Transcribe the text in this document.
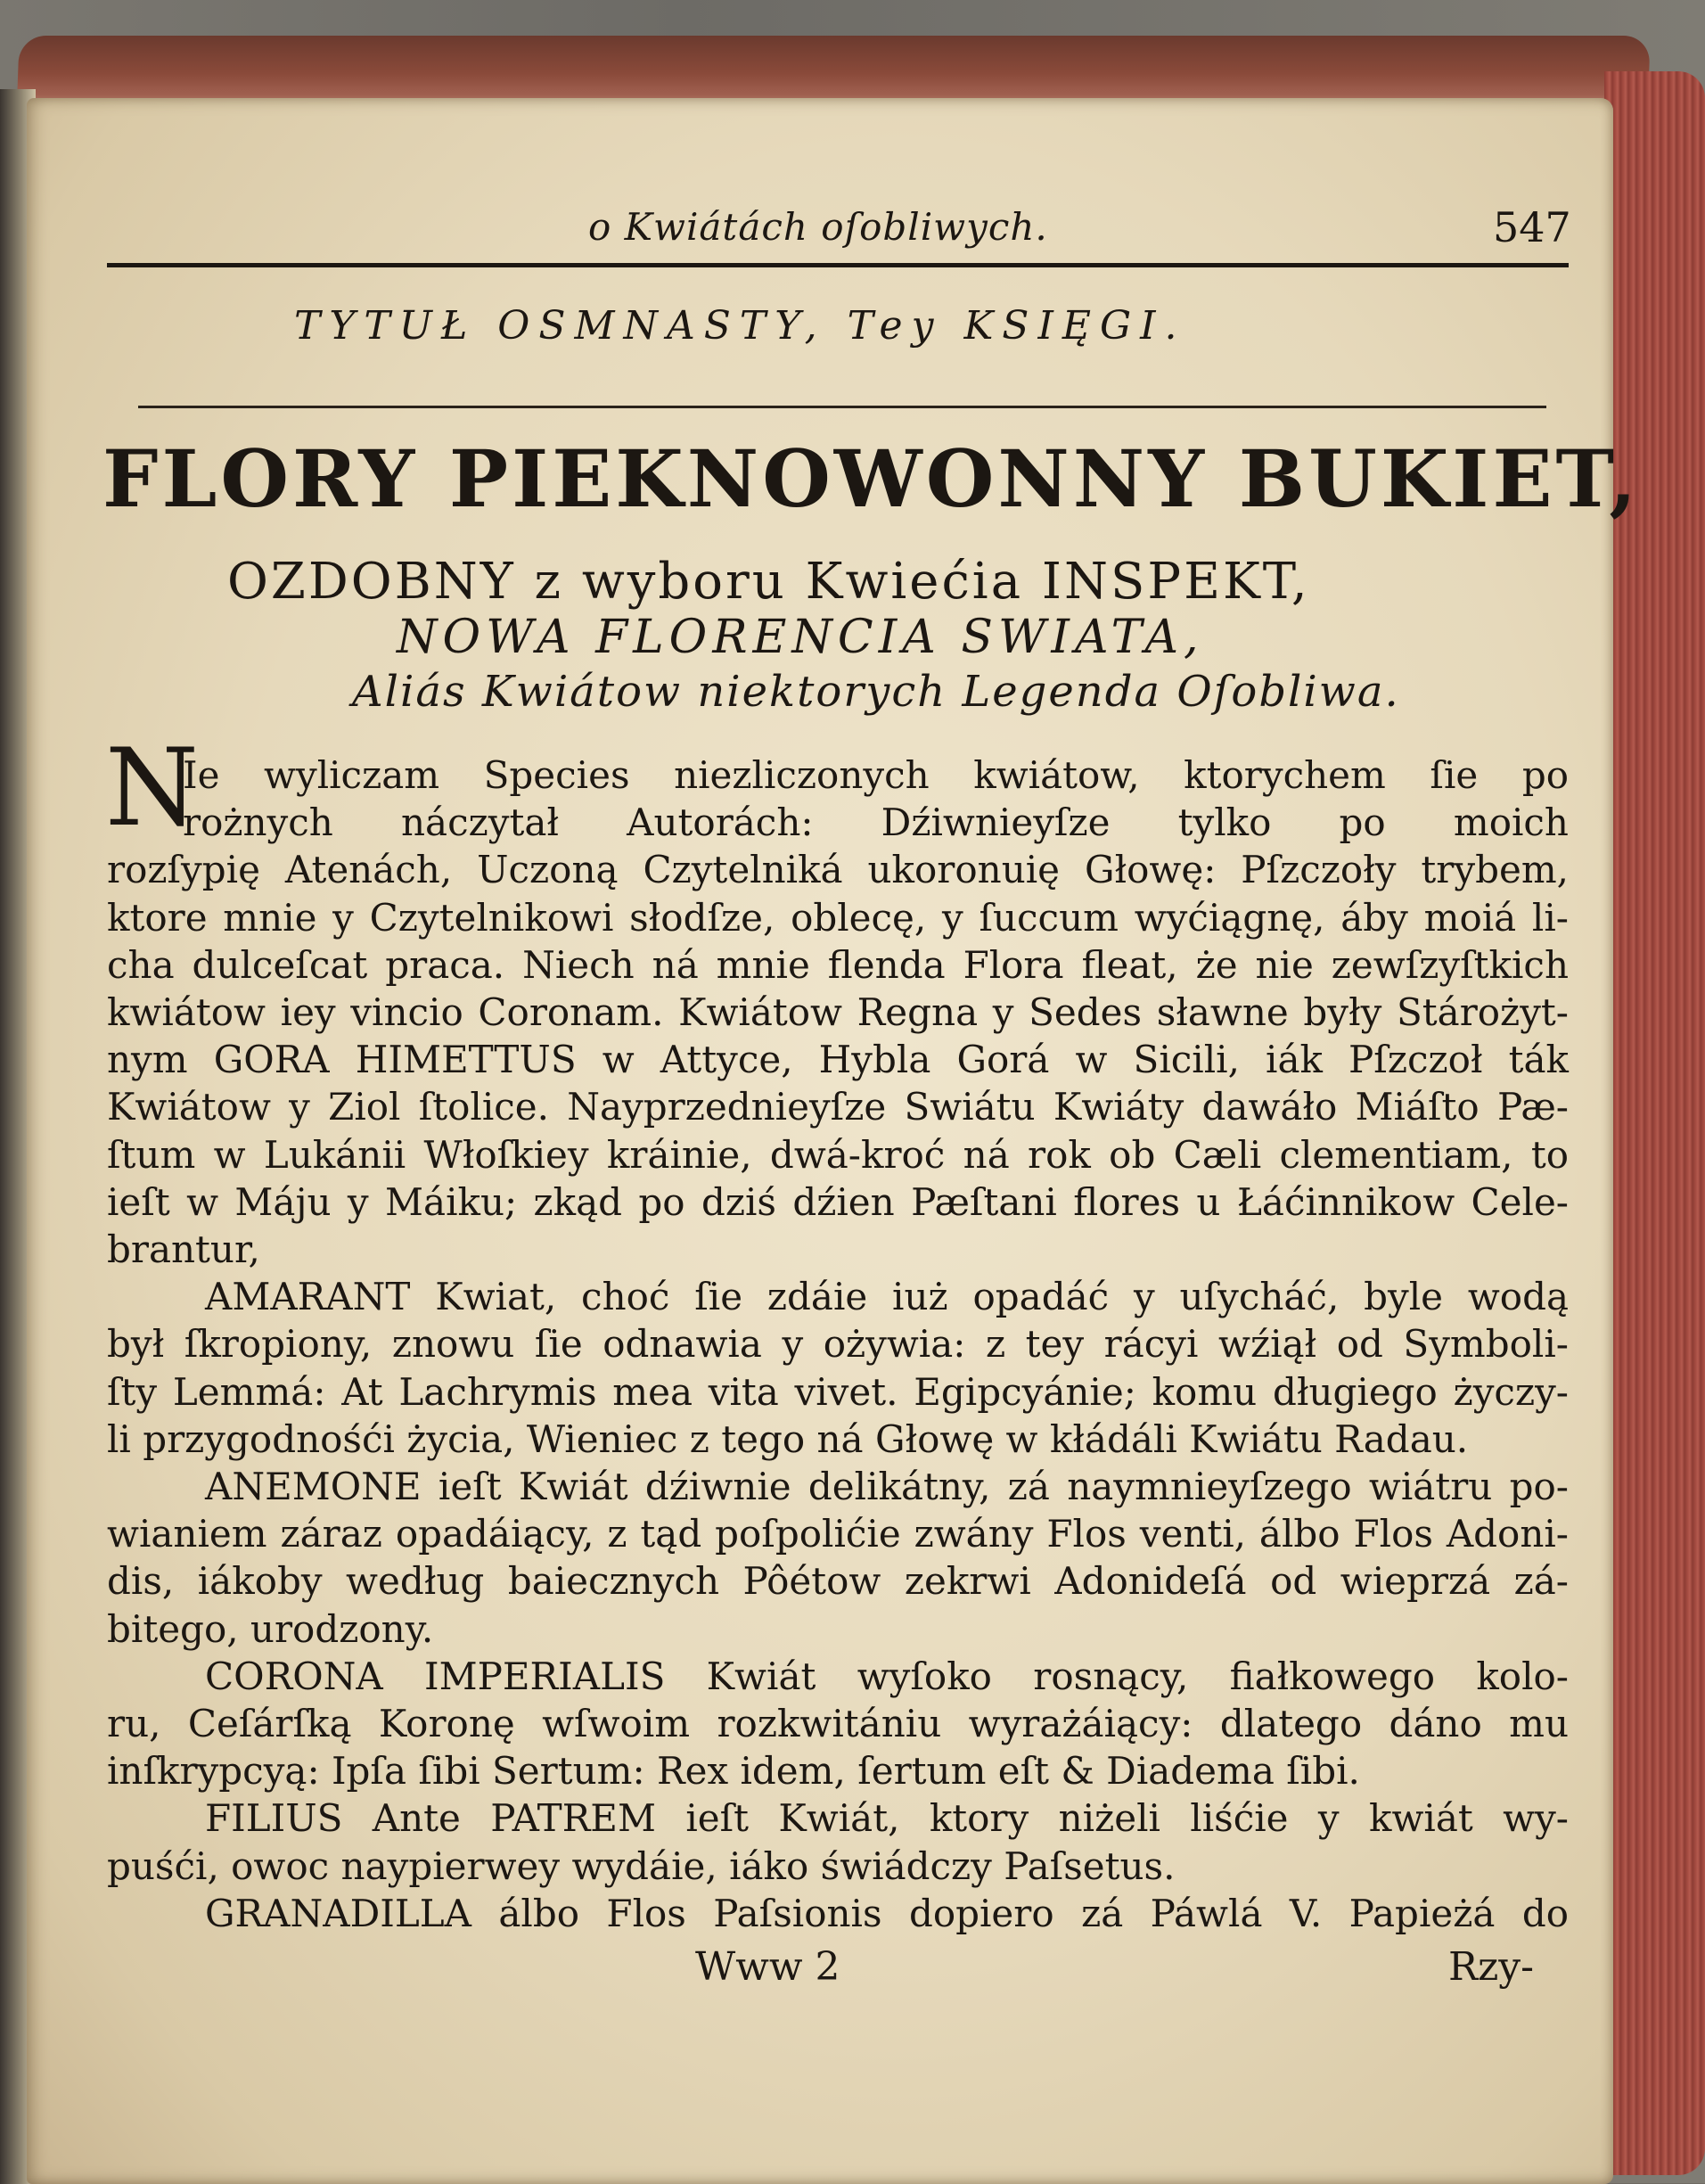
o Kwiátách oſobliwych.	547
TYTUŁ OSMNASTY, Tey KSIĘGI.
FLORY PIEKNOWONNY BUKIET,
OZDOBNY z wyboru Kwiećia INSPEKT,
NOWA FLORENCIA SWIATA,
Aliás Kwiátow niektorych Legenda Oſobliwa.
N
Ie wyliczam Species niezliczonych kwiátow, ktorychem ſie po
rożnych náczytał Autorách: Dźiwnieyſze tylko po moich
rozſypię Atenách, Uczoną Czytelniká ukoronuię Głowę: Pſzczoły trybem,
ktore mnie y Czytelnikowi słodſze, oblecę, y ſuccum wyćiągnę, áby moiá li-
cha dulceſcat praca. Niech ná mnie flenda Flora fleat, że nie zewſzyſtkich
kwiátow iey vincio Coronam. Kwiátow Regna y Sedes sławne były Stárożyt-
nym GORA HIMETTUS w Attyce, Hybla Gorá w Sicili, iák Pſzczoł ták
Kwiátow y Ziol ſtolice. Nayprzednieyſze Swiátu Kwiáty dawáło Miáſto Pæ-
ſtum w Lukánii Włoſkiey kráinie, dwá-kroć ná rok ob Cæli clementiam, to
ieſt w Máju y Máiku; zkąd po dziś dźien Pæſtani flores u Łáćinnikow Cele-
brantur,
AMARANT Kwiat, choć ſie zdáie iuż opadáć y uſycháć, byle wodą
był ſkropiony, znowu ſie odnawia y ożywia: z tey rácyi wźiął od Symboli-
ſty Lemmá: At Lachrymis mea vita vivet. Egipcyánie; komu długiego życzy-
li przygodnośći życia, Wieniec z tego ná Głowę w kłádáli Kwiátu Radau.
ANEMONE ieſt Kwiát dźiwnie delikátny, zá naymnieyſzego wiátru po-
wianiem záraz opadáiący, z tąd poſpolićie zwány Flos venti, álbo Flos Adoni-
dis, iákoby według baiecznych Pôétow zekrwi Adonideſá od wieprzá zá-
bitego, urodzony.
CORONA IMPERIALIS Kwiát wyſoko rosnący, fiałkowego kolo-
ru, Ceſárſką Koronę wſwoim rozkwitániu wyrażáiący: dlatego dáno mu
inſkrypcyą: Ipſa ſibi Sertum: Rex idem, ſertum eſt & Diadema ſibi.
FILIUS Ante PATREM ieſt Kwiát, ktory niżeli liśćie y kwiát wy-
puśći, owoc naypierwey wydáie, iáko świádczy Paſsetus.
GRANADILLA álbo Flos Paſsionis dopiero zá Páwlá V. Papieżá do
Www 2	Rzy-
